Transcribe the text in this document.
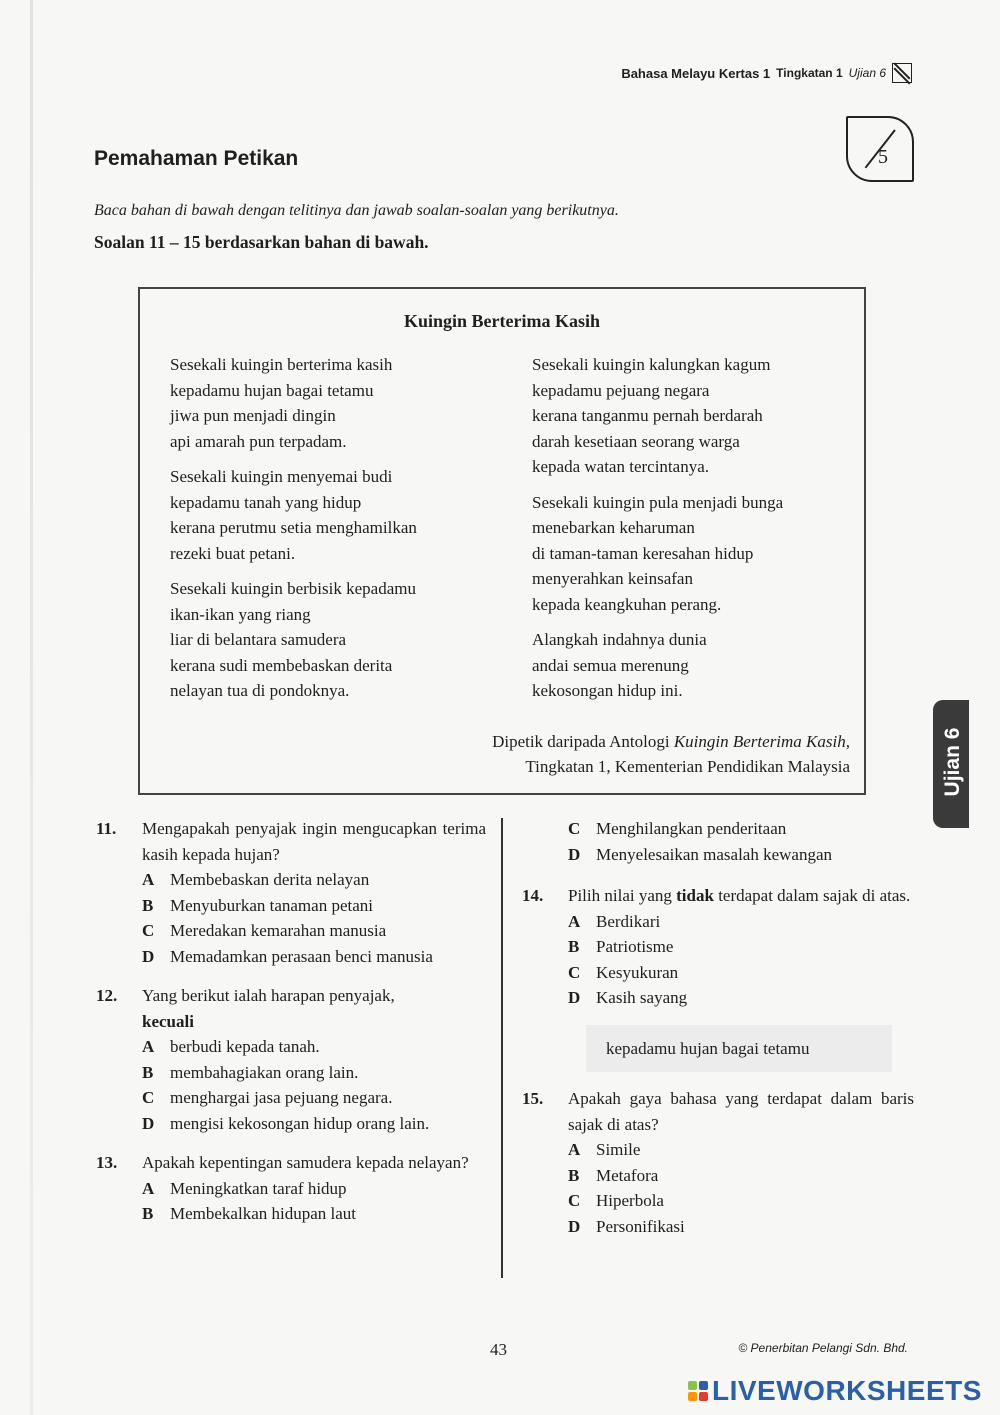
Bahasa Melayu Kertas 1 Tingkatan 1 Ujian 6
Pemahaman Petikan	5
Baca bahan di bawah dengan telitinya dan jawab soalan-soalan yang berikutnya.
Soalan 11 – 15 berdasarkan bahan di bawah.
Kuingin Berterima Kasih
Sesekali kuingin berterima kasih
kepadamu hujan bagai tetamu
jiwa pun menjadi dingin
api amarah pun terpadam.
Sesekali kuingin menyemai budi
kepadamu tanah yang hidup
kerana perutmu setia menghamilkan
rezeki buat petani.
Sesekali kuingin berbisik kepadamu
ikan-ikan yang riang
liar di belantara samudera
kerana sudi membebaskan derita
nelayan tua di pondoknya.
Sesekali kuingin kalungkan kagum
kepadamu pejuang negara
kerana tanganmu pernah berdarah
darah kesetiaan seorang warga
kepada watan tercintanya.
Sesekali kuingin pula menjadi bunga
menebarkan keharuman
di taman-taman keresahan hidup
menyerahkan keinsafan
kepada keangkuhan perang.
Alangkah indahnya dunia
andai semua merenung
kekosongan hidup ini.
Dipetik daripada Antologi Kuingin Berterima Kasih,
Tingkatan 1, Kementerian Pendidikan Malaysia
11. Mengapakah penyajak ingin mengucapkan terima kasih kepada hujan?
A Membebaskan derita nelayan
B Menyuburkan tanaman petani
C Meredakan kemarahan manusia
D Memadamkan perasaan benci manusia
12. Yang berikut ialah harapan penyajak,
kecuali
A berbudi kepada tanah.
B membahagiakan orang lain.
C menghargai jasa pejuang negara.
D mengisi kekosongan hidup orang lain.
13. Apakah kepentingan samudera kepada nelayan?
A Meningkatkan taraf hidup
B Membekalkan hidupan laut
C Menghilangkan penderitaan
D Menyelesaikan masalah kewangan
14. Pilih nilai yang tidak terdapat dalam sajak di atas.
A Berdikari
B Patriotisme
C Kesyukuran
D Kasih sayang
kepadamu hujan bagai tetamu
15. Apakah gaya bahasa yang terdapat dalam baris sajak di atas?
A Simile
B Metafora
C Hiperbola
D Personifikasi
Ujian 6
43	© Penerbitan Pelangi Sdn. Bhd.
LIVEWORKSHEETS
